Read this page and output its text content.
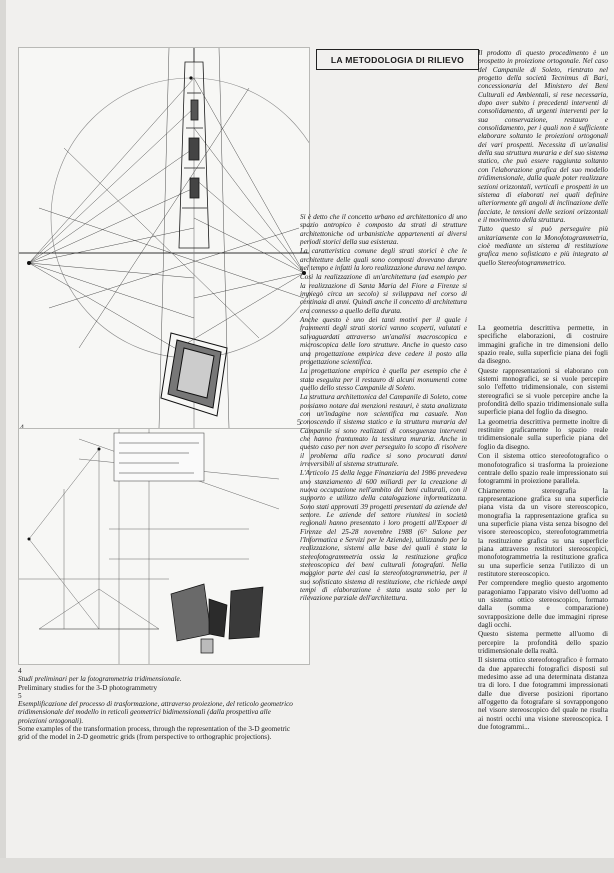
5
LA METODOLOGIA DI RILIEVO

Si è detto che il concetto urbano ed architettonico di uno spazio antropico è composto da strati di strutture architettoniche od urbanistiche appartenenti ai diversi periodi storici della sua esistenza.

La caratteristica comune degli strati storici è che le architetture delle quali sono composti dovevano durare nel tempo e infatti la loro realizzazione durava nel tempo.

Così la realizzazione di un'architettura (ad esempio per la realizzazione di Santa Maria del Fiore a Firenze si impiegò circa un secolo) si sviluppava nel corso di centinaia di anni. Quindi anche il concetto di architettura era connesso a quello della durata.

Anche questo è uno dei tanti motivi per il quale i frammenti degli strati storici vanno scoperti, valutati e salvaguardati attraverso un'analisi macroscopica e microscopica delle loro strutture. Anche in questo caso una progettazione empirica deve cedere il posto alla progettazione scientifica.

La progettazione empirica è quella per esempio che è stata eseguita per il restauro di alcuni monumenti come quello dello stesso Campanile di Soleto.

La struttura architettonica del Campanile di Soleto, come possiamo notare dai menzioni restauri, è stata analizzata con un'indagine non scientifica ma casuale. Non conoscendo il sistema statico e la struttura muraria del Campanile si sono realizzati di conseguenza interventi che hanno frantumato la tessitura muraria. Anche in questo caso per non aver perseguito lo scopo di risolvere il problema alla radice si sono procurati danni irreversibili al sistema strutturale.

L'Articolo 15 della legge Finanziaria del 1986 prevedeva uno stanziamento di 600 miliardi per la creazione di nuova occupazione nell'ambito dei beni culturali, con il supporto e utilizzo della catalogazione informatizzata. Sono stati approvati 39 progetti presentati da aziende del settore. Le aziende del settore riunitesi in società regionali hanno presentato i loro progetti all'Expoer di Firenze del 25-28 novembre 1988 (6° Salone per l'Informatica e Servizi per le Aziende), utilizzando per la realizzazione, sistemi alla base dei quali è stata la stereofotogrammetria ossia la restituzione grafica stereoscopica dei beni culturali fotografati. Nella maggior parte dei casi la stereofotogrammetria, per il suo sofisticato sistema di restituzione, che richiede ampi tempi di elaborazione è stata usata solo per la rilevazione parziale dell'architettura.

Il prodotto di questo procedimento è un prospetto in proiezione ortogonale. Nel caso del Campanile di Soleto, rientrato nel progetto della società Tecnimus di Bari, concessionaria del Ministero dei Beni Culturali ed Ambientali, si rese necessaria, dopo aver subito i precedenti interventi di consolidamento, di urgenti interventi per la sua conservazione, restauro e consolidamento, per i quali non è sufficiente elaborare soltanto le proiezioni ortogonali dei vari prospetti. Necessita di un'analisi della sua struttura muraria e del suo sistema statico, che può essere raggiunta soltanto con l'elaborazione grafica del suo modello tridimensionale, dalla quale poter realizzare sezioni orizzontali, verticali e prospetti in un sistema di elaborati nei quali definire ulteriormente gli angoli di inclinazione delle facciate, le tensioni delle sezioni orizzontali e il movimento della struttura.

Tutto questo si può perseguire più unitariamente con la Monofotogrammetria, cioè mediante un sistema di restituzione grafica meno sofisticato e più integrato al quello Stereofotogrammetrico.

La geometria descrittiva permette, in specifiche elaborazioni, di costruire immagini grafiche in tre dimensioni dello spazio reale, sulla superficie piana dei fogli da disegno.

Queste rappresentazioni si elaborano con sistemi monografici, se si vuole percepire solo l'effetto tridimensionale, con sistemi stereografici se si vuole percepire anche la profondità dello spazio tridimensionale sulla superficie piana del foglio da disegno.

La geometria descrittiva permette inoltre di restituire graficamente lo spazio reale tridimensionale sulla superficie piana del foglio da disegno.

Con il sistema ottico stereofotografico o monofotografico si trasforma la proiezione centrale dello spazio reale impressionato sui fotogrammi in proiezione parallela.

Chiameremo stereografia la rappresentazione grafica su una superficie piana vista da un visore stereoscopico, monografia la rappresentazione grafica su una superficie piana vista senza bisogno del visore stereoscopico, stereofotogrammetria la restituzione grafica su una superficie piana attraverso restitutori stereoscopici, monofotogrammetria la restituzione grafica su una superficie senza l'utilizzo di un restitutore stereoscopico.

Per comprendere meglio questo argomento paragoniamo l'apparato visivo dell'uomo ad un sistema ottico stereoscopico, formato dalla (somma e comparazione) sovrapposizione delle due immagini riprese dagli occhi.

Questo sistema permette all'uomo di percepire la profondità dello spazio tridimensionale della realtà.

Il sistema ottico stereofotografico è formato da due apparecchi fotografici disposti sul medesimo asse ad una determinata distanza tra di loro. I due fotogrammi impressionati dalle due diverse posizioni riportano all'oggetto da fotografare si sovrappongono nel visore stereoscopico del quale ne risulta ai nostri occhi una visione stereoscopica. I due fotogrammi...

4

Studi preliminari per la fotogrammetria tridimensionale.

Preliminary studies for the 3-D photogrammetry

5

Esemplificazione del processo di trasformazione, attraverso proiezione, del reticolo geometrico tridimensionale del modello in reticoli geometrici bidimensionali (dalla prospettiva alle proiezioni ortogonali).

Some examples of the transformation process, through the representation of the 3-D geometric grid of the model in 2-D geometric grids (from perspective to orthographic projections).
